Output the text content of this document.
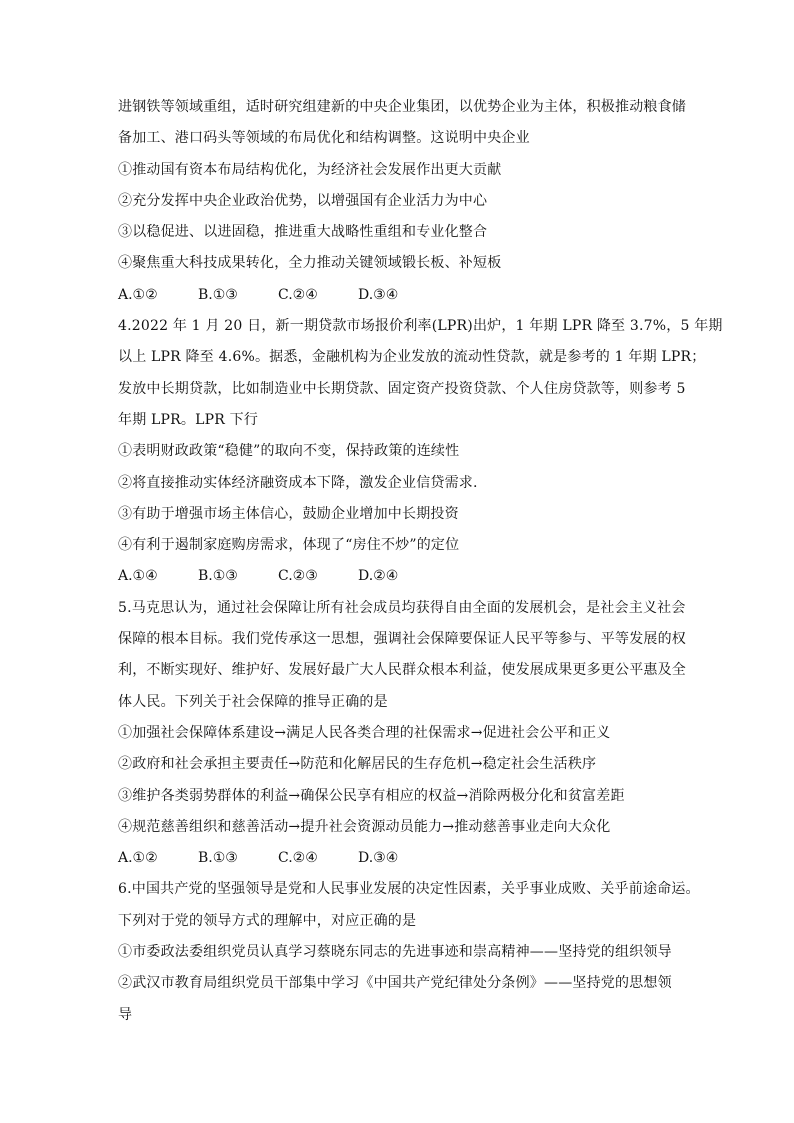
进钢铁等领域重组，适时研究组建新的中央企业集团，以优势企业为主体，积极推动粮食储
备加工、港口码头等领域的布局优化和结构调整。这说明中央企业
①推动国有资本布局结构优化，为经济社会发展作出更大贡献
②充分发挥中央企业政治优势，以增强国有企业活力为中心
③以稳促进、以进固稳，推进重大战略性重组和专业化整合
④聚焦重大科技成果转化，全力推动关键领域锻长板、补短板
A.①②	B.①③	C.②④	D.③④
4.2022 年 1 月 20 日，新一期贷款市场报价利率(LPR)出炉，1 年期 LPR 降至 3.7%，5 年期
以上 LPR 降至 4.6%。据悉，金融机构为企业发放的流动性贷款，就是参考的 1 年期 LPR；
发放中长期贷款，比如制造业中长期贷款、固定资产投资贷款、个人住房贷款等，则参考 5
年期 LPR。LPR 下行
①表明财政政策“稳健”的取向不变，保持政策的连续性
②将直接推动实体经济融资成本下降，激发企业信贷需求.
③有助于增强市场主体信心，鼓励企业增加中长期投资
④有利于遏制家庭购房需求，体现了“房住不炒”的定位
A.①④	B.①③	C.②③	D.②④
5.马克思认为，通过社会保障让所有社会成员均获得自由全面的发展机会，是社会主义社会
保障的根本目标。我们党传承这一思想，强调社会保障要保证人民平等参与、平等发展的权
利，不断实现好、维护好、发展好最广大人民群众根本利益，使发展成果更多更公平惠及全
体人民。下列关于社会保障的推导正确的是
①加强社会保障体系建设→满足人民各类合理的社保需求→促进社会公平和正义
②政府和社会承担主要责任→防范和化解居民的生存危机→稳定社会生活秩序
③维护各类弱势群体的利益→确保公民享有相应的权益→消除两极分化和贫富差距
④规范慈善组织和慈善活动→提升社会资源动员能力→推动慈善事业走向大众化
A.①②	B.①③	C.②④	D.③④
6.中国共产党的坚强领导是党和人民事业发展的决定性因素，关乎事业成败、关乎前途命运。
下列对于党的领导方式的理解中，对应正确的是
①市委政法委组织党员认真学习蔡晓东同志的先进事迹和崇高精神——坚持党的组织领导
②武汉市教育局组织党员干部集中学习《中国共产党纪律处分条例》——坚持党的思想领
导
